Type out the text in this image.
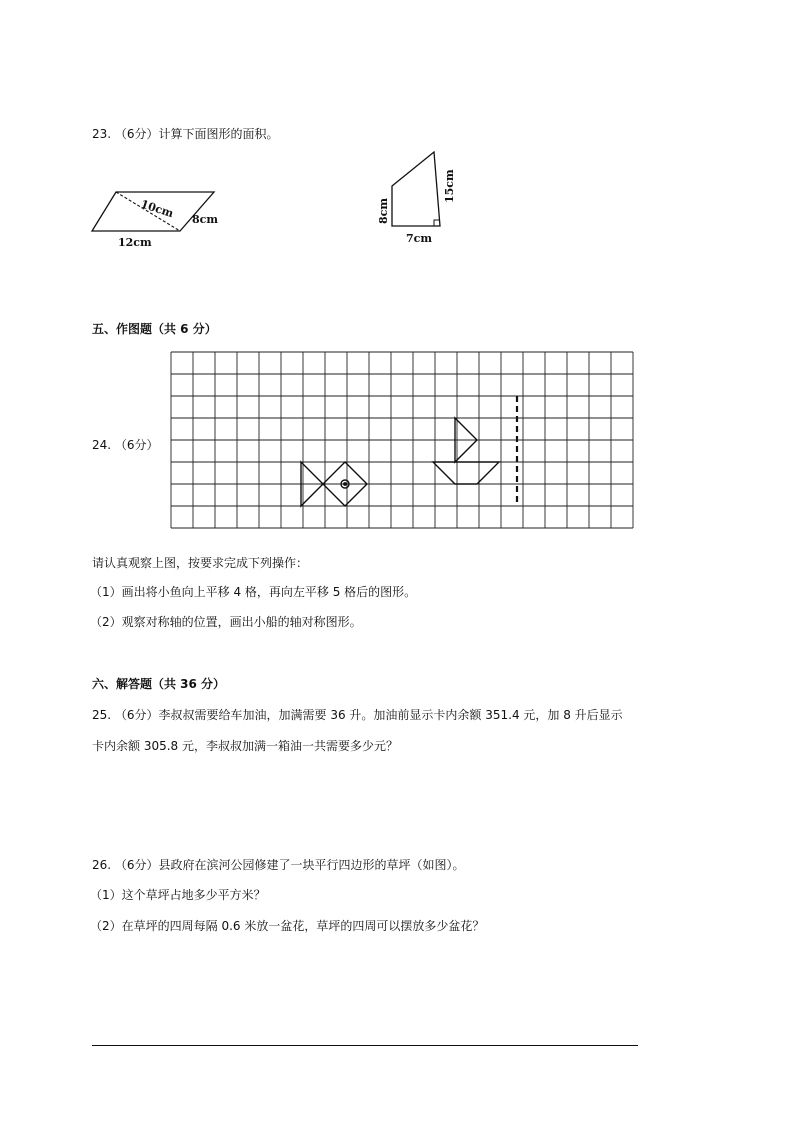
23. （6分）计算下面图形的面积。
10cm 8cm
12cm
8cm
15cm
7cm
五、作图题（共 6 分）
24. （6分）
请认真观察上图，按要求完成下列操作：
（1）画出将小鱼向上平移 4 格，再向左平移 5 格后的图形。
（2）观察对称轴的位置，画出小船的轴对称图形。
六、解答题（共 36 分）
25. （6分）李叔叔需要给车加油，加满需要 36 升。加油前显示卡内余额 351.4 元，加 8 升后显示
卡内余额 305.8 元，李叔叔加满一箱油一共需要多少元？
26. （6分）县政府在滨河公园修建了一块平行四边形的草坪（如图）。
（1）这个草坪占地多少平方米？
（2）在草坪的四周每隔 0.6 米放一盆花，草坪的四周可以摆放多少盆花？
